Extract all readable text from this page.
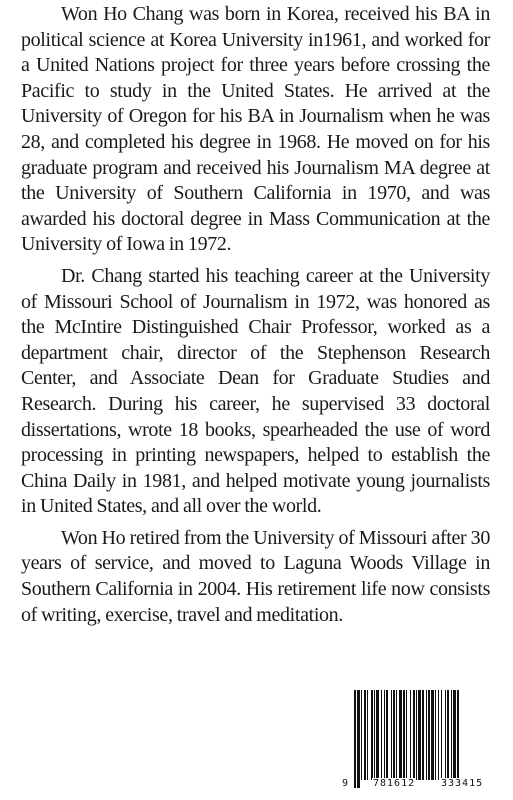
Won Ho Chang was born in Korea, received his BA in political science at Korea University in1961, and worked for a United Nations project for three years before crossing the Pacific to study in the United States. He arrived at the University of Oregon for his BA in Journalism when he was 28, and completed his degree in 1968. He moved on for his graduate program and received his Journalism MA degree at the University of Southern California in 1970, and was awarded his doctoral degree in Mass Communication at the University of Iowa in 1972.

Dr. Chang started his teaching career at the University of Missouri School of Journalism in 1972, was honored as the McIntire Distinguished Chair Professor, worked as a department chair, director of the Stephenson Research Center, and Associate Dean for Graduate Studies and Research. During his career, he supervised 33 doctoral dissertations, wrote 18 books, spearheaded the use of word processing in printing newspapers, helped to establish the China Daily in 1981, and helped motivate young journalists in United States, and all over the world.

Won Ho retired from the University of Missouri after 30 years of service, and moved to Laguna Woods Village in Southern California in 2004. His retirement life now consists of writing, exercise, travel and meditation.

9 781612	333415
